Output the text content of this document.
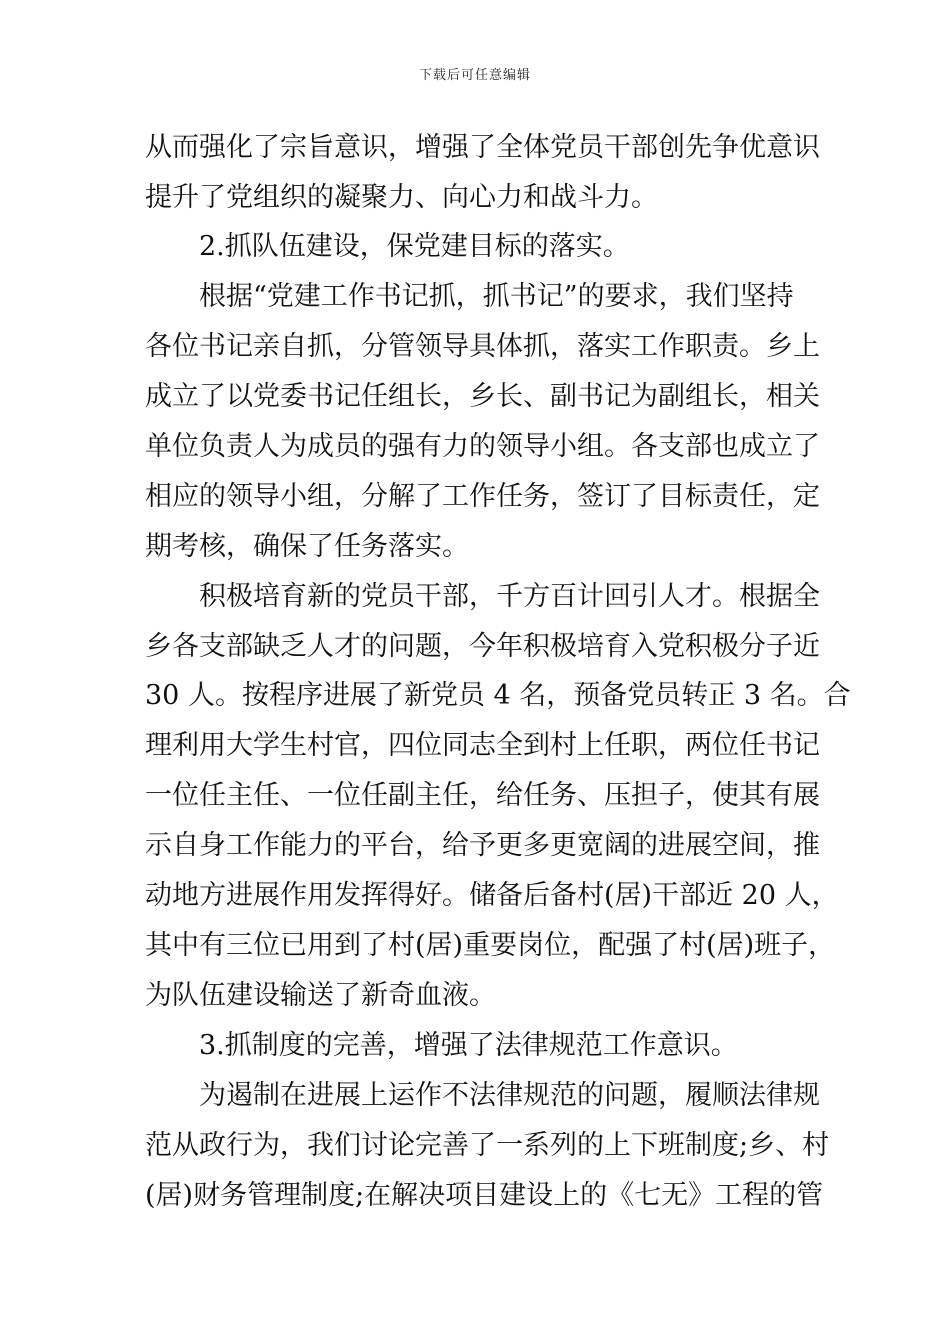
下载后可任意编辑
从而强化了宗旨意识，增强了全体党员干部创先争优意识
提升了党组织的凝聚力、向心力和战斗力。
　　2.抓队伍建设，保党建目标的落实。
　　根据“党建工作书记抓，抓书记”的要求，我们坚持
各位书记亲自抓，分管领导具体抓，落实工作职责。乡上
成立了以党委书记任组长，乡长、副书记为副组长，相关
单位负责人为成员的强有力的领导小组。各支部也成立了
相应的领导小组，分解了工作任务，签订了目标责任，定
期考核，确保了任务落实。
　　积极培育新的党员干部，千方百计回引人才。根据全
乡各支部缺乏人才的问题，今年积极培育入党积极分子近
30 人。按程序进展了新党员 4 名，预备党员转正 3 名。合
理利用大学生村官，四位同志全到村上任职，两位任书记
一位任主任、一位任副主任，给任务、压担子，使其有展
示自身工作能力的平台，给予更多更宽阔的进展空间，推
动地方进展作用发挥得好。储备后备村(居)干部近 20 人，
其中有三位已用到了村(居)重要岗位，配强了村(居)班子，
为队伍建设输送了新奇血液。
　　3.抓制度的完善，增强了法律规范工作意识。
　　为遏制在进展上运作不法律规范的问题，履顺法律规
范从政行为，我们讨论完善了一系列的上下班制度;乡、村
(居)财务管理制度;在解决项目建设上的《七无》工程的管
